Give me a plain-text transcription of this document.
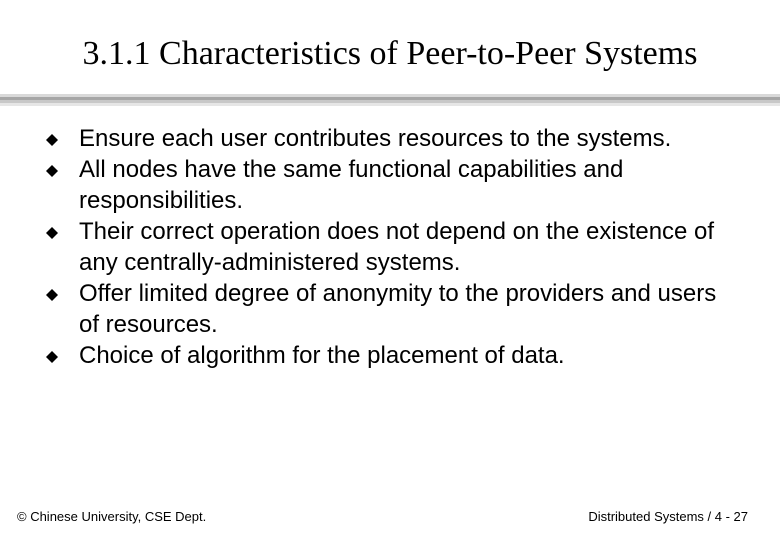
3.1.1 Characteristics of Peer-to-Peer Systems
Ensure each user contributes resources to the systems.
All nodes have the same functional capabilities and responsibilities.
Their correct operation does not depend on the existence of any centrally-administered systems.
Offer limited degree of anonymity to the providers and users of resources.
Choice of algorithm for the placement of data.
© Chinese University, CSE Dept.	Distributed Systems / 4 - 27
